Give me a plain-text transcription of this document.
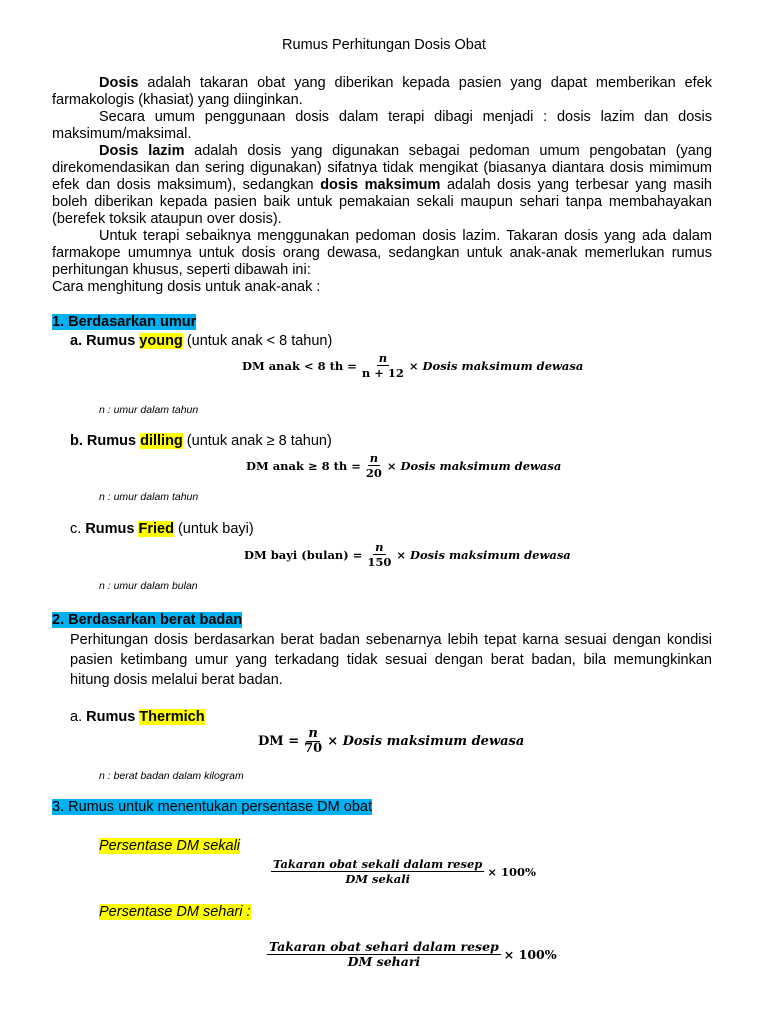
Rumus Perhitungan Dosis Obat

Dosis adalah takaran obat yang diberikan kepada pasien yang dapat memberikan efek farmakologis (khasiat) yang diinginkan.

Secara umum penggunaan dosis dalam terapi dibagi menjadi : dosis lazim dan dosis maksimum/maksimal.

Dosis lazim adalah dosis yang digunakan sebagai pedoman umum pengobatan (yang direkomendasikan dan sering digunakan) sifatnya tidak mengikat (biasanya diantara dosis mimimum efek dan dosis maksimum), sedangkan dosis maksimum adalah dosis yang terbesar yang masih boleh diberikan kepada pasien baik untuk pemakaian sekali maupun sehari tanpa membahayakan (berefek toksik ataupun over dosis).

Untuk terapi sebaiknya menggunakan pedoman dosis lazim. Takaran dosis yang ada dalam farmakope umumnya untuk dosis orang dewasa, sedangkan untuk anak-anak memerlukan rumus perhitungan khusus, seperti dibawah ini:

Cara menghitung dosis untuk anak-anak :

1. Berdasarkan umur
a. Rumus young (untuk anak < 8 tahun)
DM anak < 8 th = $\frac{n}{n + 12}$ × Dosis maksimum dewasa
n : umur dalam tahun
b. Rumus dilling (untuk anak ≥ 8 tahun)
DM anak ≥ 8 th = $\frac{n}{20}$ × Dosis maksimum dewasa
n : umur dalam tahun
c. Rumus Fried (untuk bayi)
DM bayi (bulan) = $\frac{n}{150}$ × Dosis maksimum dewasa
n : umur dalam bulan
2. Berdasarkan berat badan

Perhitungan dosis berdasarkan berat badan sebenarnya lebih tepat karna sesuai dengan kondisi pasien ketimbang umur yang terkadang tidak sesuai dengan berat badan, bila memungkinkan hitung dosis melalui berat badan.

a. Rumus Thermich
DM = $\frac{n}{70}$ × Dosis maksimum dewasa
n : berat badan dalam kilogram
3. Rumus untuk menentukan persentase DM obat
Persentase DM sekali
$\frac{\text{Takaran obat sekali dalam resep}}{\text{DM sekali}} \times 100\%$
Persentase DM sehari :
$\frac{\text{Takaran obat sehari dalam resep}}{\text{DM sehari}} \times 100\%$
